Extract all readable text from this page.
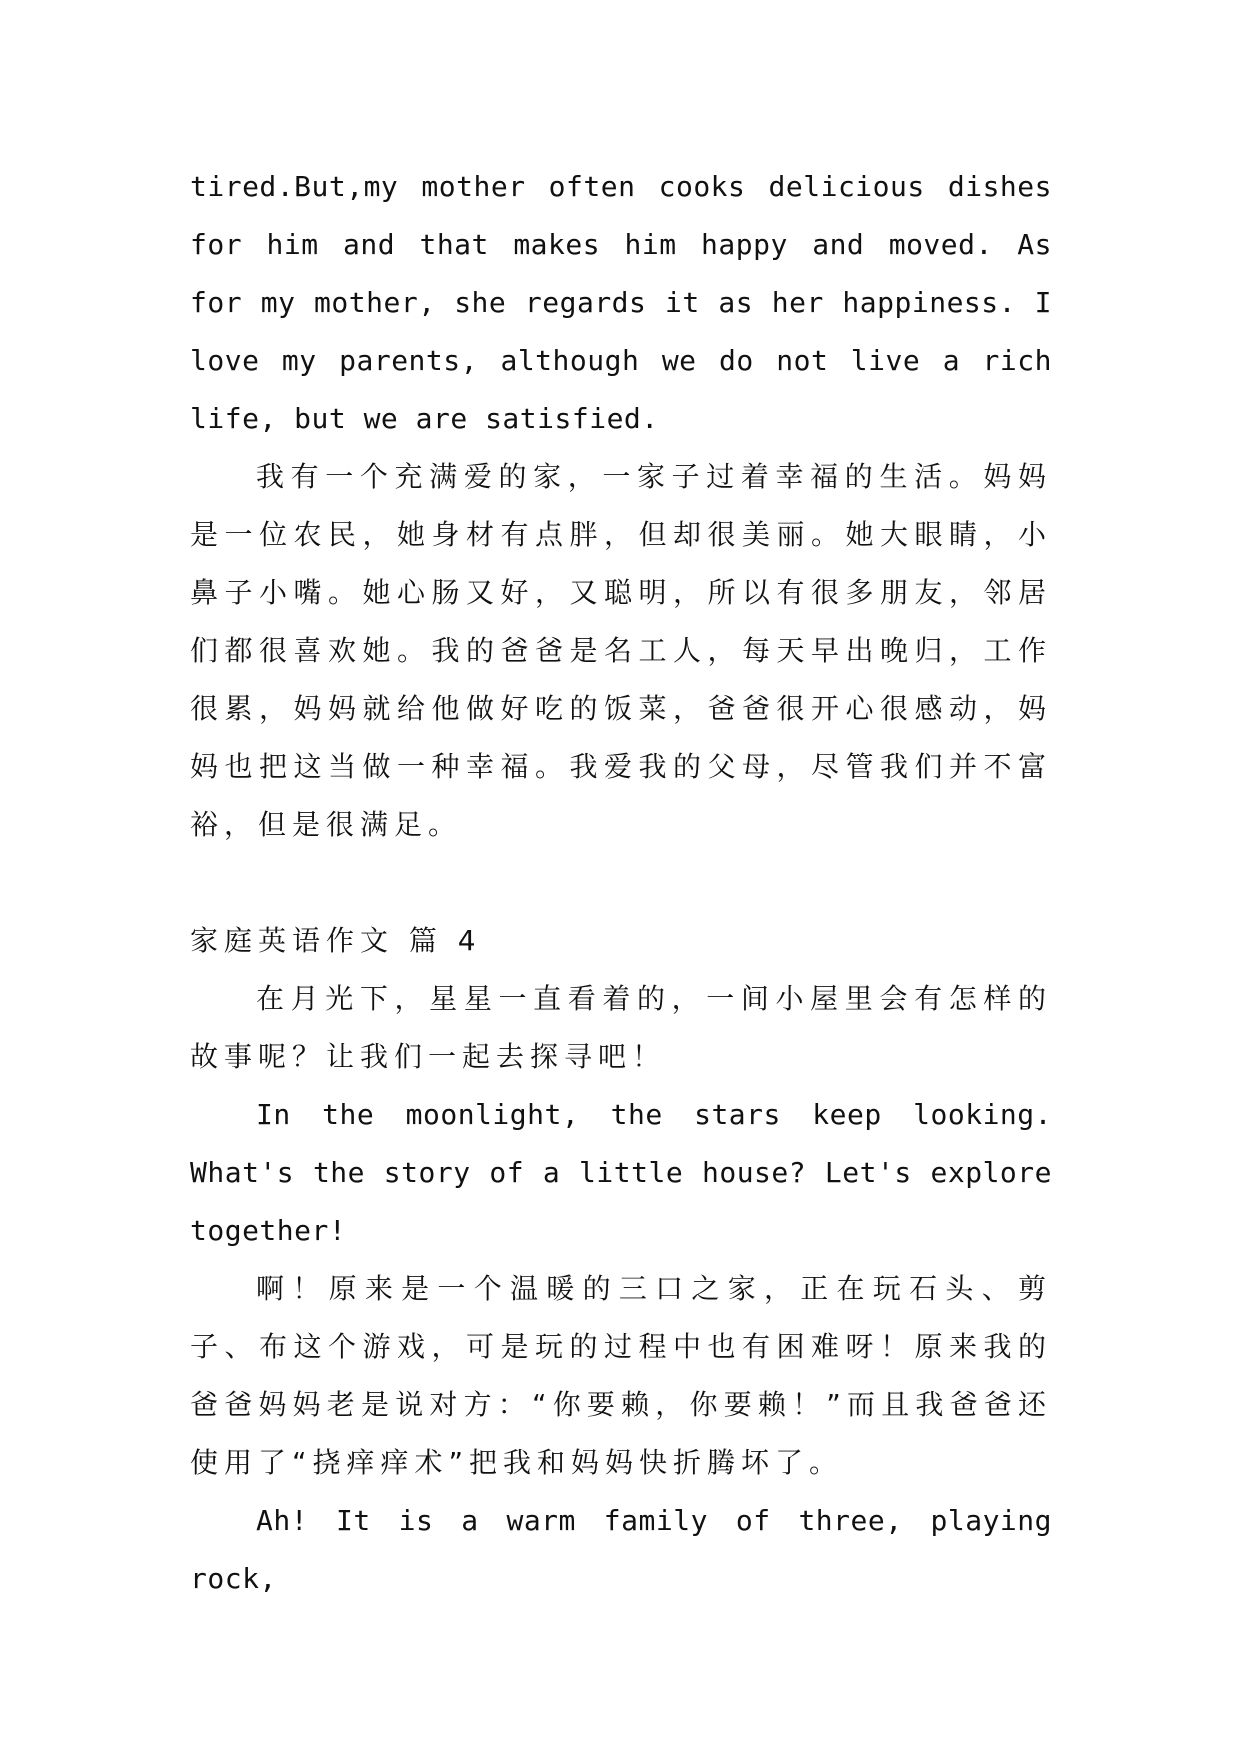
tired.But,my mother often cooks delicious dishes for him and that makes him happy and moved. As for my mother, she regards it as her happiness. I love my parents, although we do not live a rich life, but we are satisfied.

我有一个充满爱的家，一家子过着幸福的生活。妈妈是一位农民，她身材有点胖，但却很美丽。她大眼睛，小鼻子小嘴。她心肠又好，又聪明，所以有很多朋友，邻居们都很喜欢她。我的爸爸是名工人，每天早出晚归，工作很累，妈妈就给他做好吃的饭菜，爸爸很开心很感动，妈妈也把这当做一种幸福。我爱我的父母，尽管我们并不富裕，但是很满足。

家庭英语作文 篇 4

在月光下，星星一直看着的，一间小屋里会有怎样的故事呢？让我们一起去探寻吧！

In the moonlight, the stars keep looking. What's the story of a little house? Let's explore together!

啊！原来是一个温暖的三口之家，正在玩石头、剪子、布这个游戏，可是玩的过程中也有困难呀！原来我的爸爸妈妈老是说对方：“你要赖，你要赖！”而且我爸爸还使用了“挠痒痒术”把我和妈妈快折腾坏了。

Ah! It is a warm family of three, playing rock,
